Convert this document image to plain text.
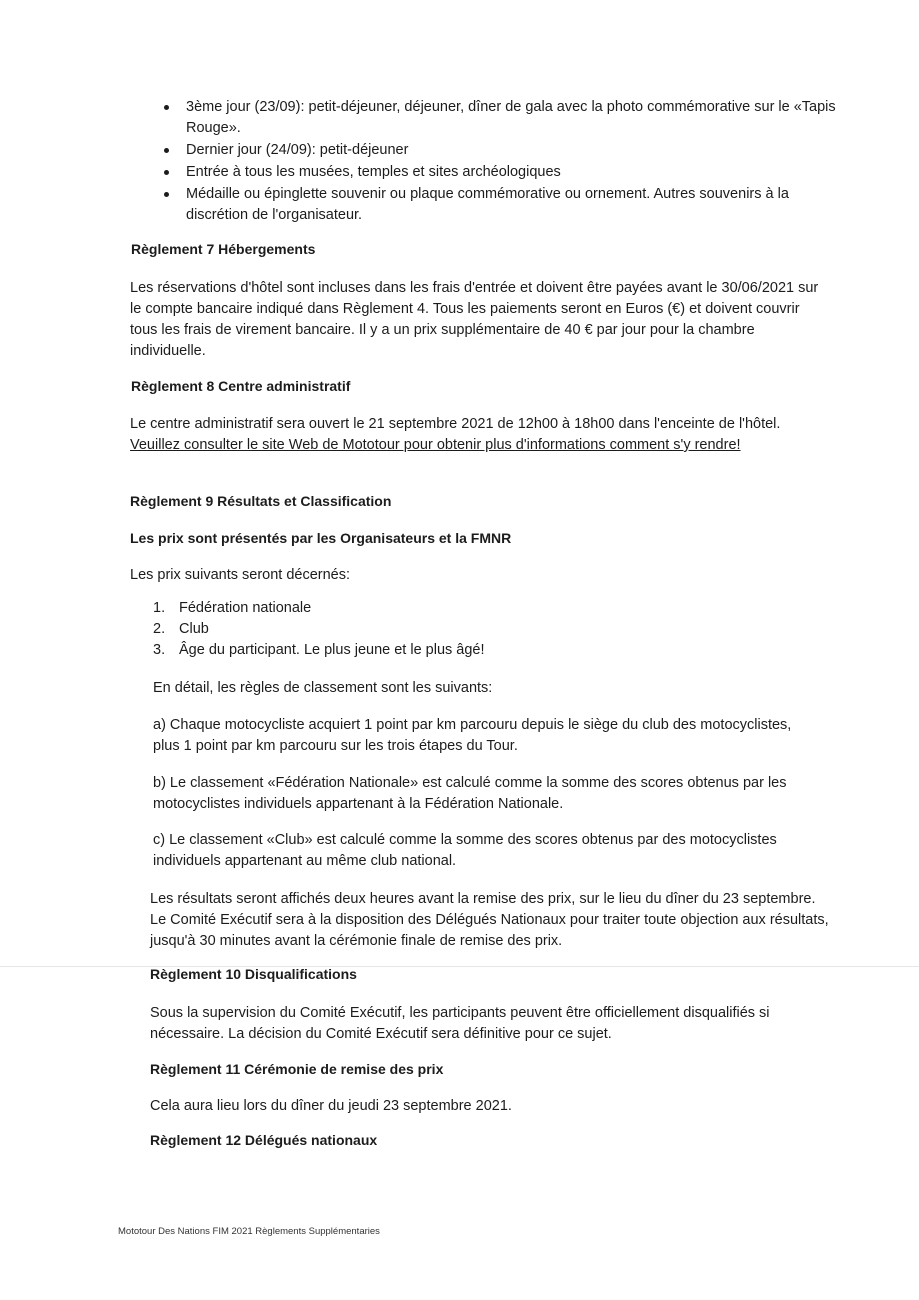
3ème jour (23/09): petit-déjeuner, déjeuner, dîner de gala avec la photo commémorative sur le «Tapis Rouge».
Dernier jour (24/09): petit-déjeuner
Entrée à tous les musées, temples et sites archéologiques
Médaille ou épinglette souvenir ou plaque commémorative ou ornement. Autres souvenirs à la discrétion de l'organisateur.
Règlement 7 Hébergements

Les réservations d'hôtel sont incluses dans les frais d'entrée et doivent être payées avant le 30/06/2021 sur le compte bancaire indiqué dans Règlement 4. Tous les paiements seront en Euros (€) et doivent couvrir tous les frais de virement bancaire. Il y a un prix supplémentaire de 40 € par jour pour la chambre individuelle.

Règlement 8 Centre administratif

Le centre administratif sera ouvert le 21 septembre 2021 de 12h00 à 18h00 dans l'enceinte de l'hôtel. Veuillez consulter le site Web de Mototour pour obtenir plus d'informations comment s'y rendre!

Règlement 9 Résultats et Classification
Les prix sont présentés par les Organisateurs et la FMNR

Les prix suivants seront décernés:

1. Fédération nationale
2. Club
3. Âge du participant. Le plus jeune et le plus âgé!

En détail, les règles de classement sont les suivants:

a) Chaque motocycliste acquiert 1 point par km parcouru depuis le siège du club des motocyclistes, plus 1 point par km parcouru sur les trois étapes du Tour.

b) Le classement «Fédération Nationale» est calculé comme la somme des scores obtenus par les motocyclistes individuels appartenant à la Fédération Nationale.

c) Le classement «Club» est calculé comme la somme des scores obtenus par des motocyclistes individuels appartenant au même club national.

Les résultats seront affichés deux heures avant la remise des prix, sur le lieu du dîner du 23 septembre. Le Comité Exécutif sera à la disposition des Délégués Nationaux pour traiter toute objection aux résultats, jusqu'à 30 minutes avant la cérémonie finale de remise des prix.

Règlement 10 Disqualifications

Sous la supervision du Comité Exécutif, les participants peuvent être officiellement disqualifiés si nécessaire. La décision du Comité Exécutif sera définitive pour ce sujet.

Règlement 11 Cérémonie de remise des prix

Cela aura lieu lors du dîner du jeudi 23 septembre 2021.

Règlement 12 Délégués nationaux
Mototour Des Nations FIM 2021 Règlements Supplémentaries
